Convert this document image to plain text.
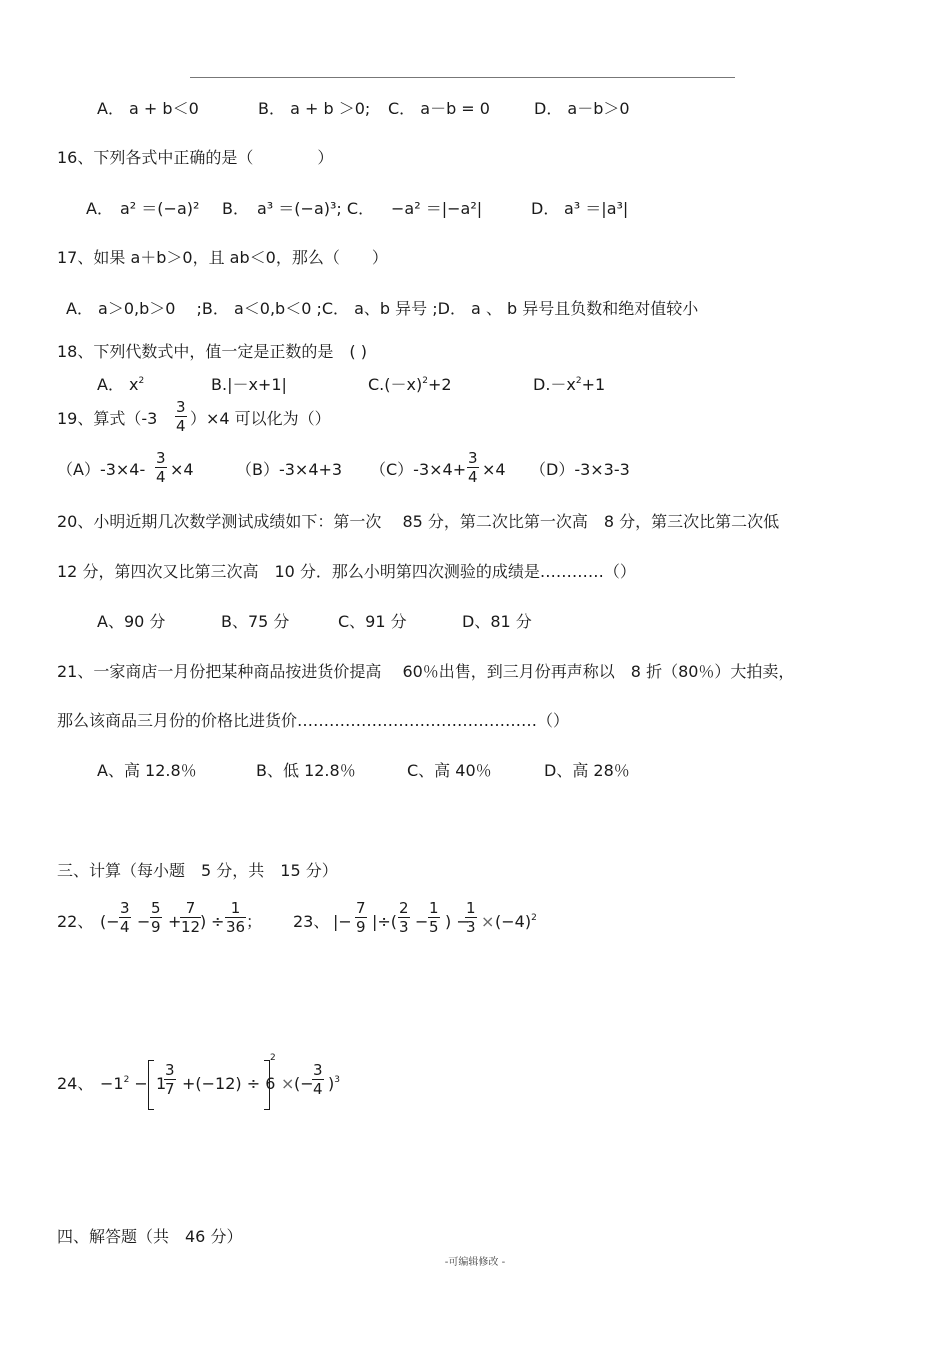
A． a + b＜0	B． a + b ＞0; C． a－b = 0	D． a－b＞0
16、下列各式中正确的是（　　　　）
A． a² ＝(−a)² B． a³ ＝(−a)³; C． −a² ＝|−a²|	D． a³ ＝|a³|
17、如果 a＋b＞0，且 ab＜0，那么（　　）
A． a＞0,b＞0　 ;B． a＜0,b＜0 ;C． a、b 异号 ;D． a 、 b 异号且负数和绝对值较小
18、下列代数式中，值一定是正数的是　( )
A． $x^2$	B.|－x+1|	$C.(-x)^2+2$	$D.-x^2+1$
19、算式$(-3 \frac{3}{4} )\times 4$ 可以化为（）
$(A)-3\times 4- \frac{3}{4} \times 4$	（B）-3×4+3 $(C)-3\times 4+ \frac{3}{4} \times 4$ （D）-3×3-3
20、小明近期几次数学测试成绩如下：第一次　 85 分，第二次比第一次高　8 分，第三次比第二次低
12 分，第四次又比第三次高　10 分．那么小明第四次测验的成绩是…………（）
A、90 分	B、75 分	C、91 分	D、81 分
21、一家商店一月份把某种商品按进货价提高　 60％出售，到三月份再声称以　8 折（80％）大拍卖，
那么该商品三月份的价格比进货价………………………………………（）
A、高 12.8％	B、低 12.8％	C、高 40％	D、高 28％
三、计算（每小题　5 分，共　15 分）
22、 (− $\frac{3}{4} - \frac{5}{9}$ +
$\frac{7}{12}$
) ÷ $\frac{1}{36}$ ； 23、 |− $\frac{7}{9}$ |÷( $\frac{2}{3} - \frac{1}{5}$ ) −
$\frac{1}{3} \times (-4)^2$
24、 $-1^2 - 1$
$\frac{3}{7} +(-12) \div 6$
2
× (−
$\frac{3}{4} )^3$
四、解答题（共　46 分）
-可编辑修改 -
